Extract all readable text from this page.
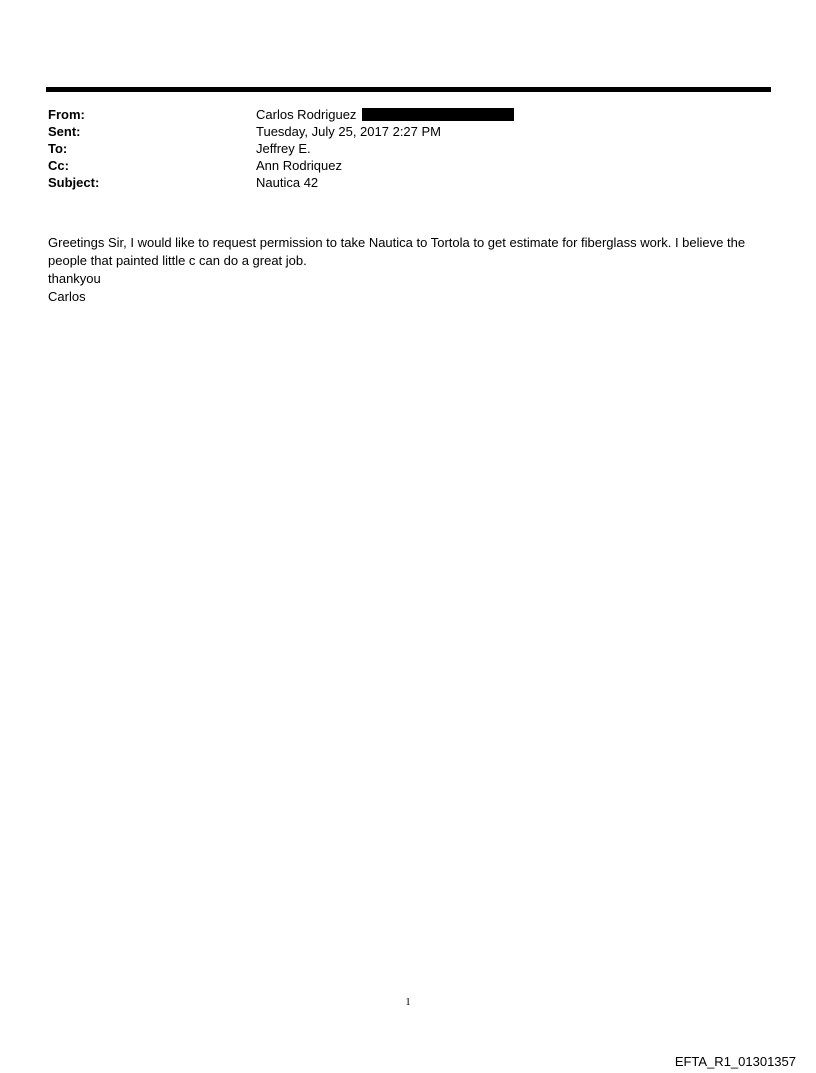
From:	Carlos Rodriguez
Sent:	Tuesday, July 25, 2017 2:27 PM
To:	Jeffrey E.
Cc:	Ann Rodriquez
Subject:	Nautica 42

Greetings Sir, I would like to request permission to take Nautica to Tortola to get estimate for fiberglass work. I believe the people that painted little c can do a great job.

thankyou

Carlos

1
EFTA_R1_01301357
